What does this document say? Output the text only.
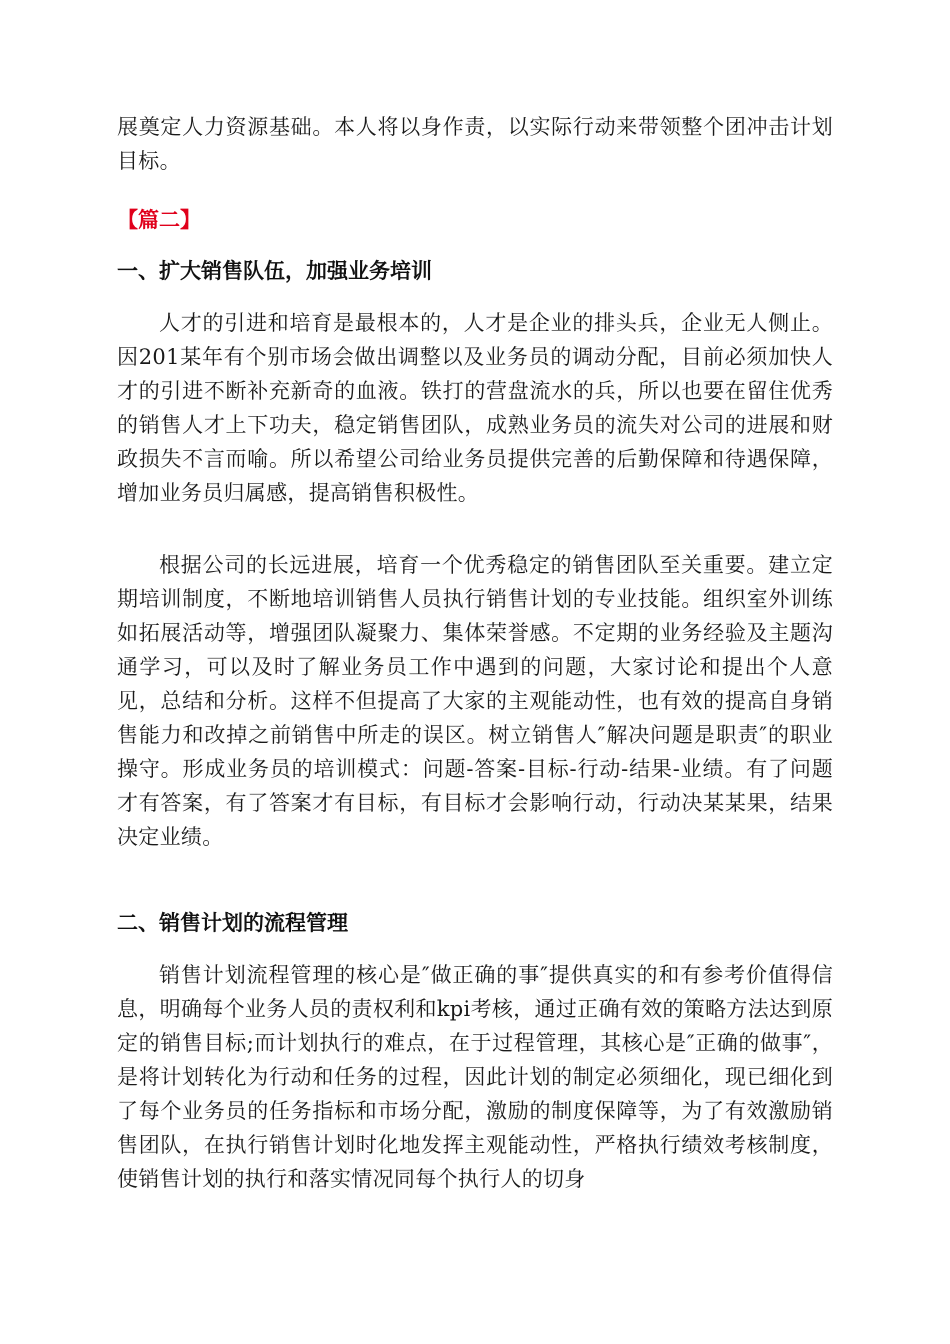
展奠定人力资源基础。本人将以身作责，以实际行动来带领整个团冲击计划目标。

【篇二】

一、扩大销售队伍，加强业务培训

人才的引进和培育是最根本的，人才是企业的排头兵，企业无人侧止。因201某年有个别市场会做出调整以及业务员的调动分配，目前必须加快人才的引进不断补充新奇的血液。铁打的营盘流水的兵，所以也要在留住优秀的销售人才上下功夫，稳定销售团队，成熟业务员的流失对公司的进展和财政损失不言而喻。所以希望公司给业务员提供完善的后勤保障和待遇保障，增加业务员归属感，提高销售积极性。

根据公司的长远进展，培育一个优秀稳定的销售团队至关重要。建立定期培训制度，不断地培训销售人员执行销售计划的专业技能。组织室外训练如拓展活动等，增强团队凝聚力、集体荣誉感。不定期的业务经验及主题沟通学习，可以及时了解业务员工作中遇到的问题，大家讨论和提出个人意见，总结和分析。这样不但提高了大家的主观能动性，也有效的提高自身销售能力和改掉之前销售中所走的误区。树立销售人″解决问题是职责″的职业操守。形成业务员的培训模式：问题-答案-目标-行动-结果-业绩。有了问题才有答案，有了答案才有目标，有目标才会影响行动，行动决某某果，结果决定业绩。

二、销售计划的流程管理

销售计划流程管理的核心是″做正确的事″提供真实的和有参考价值得信息，明确每个业务人员的责权利和kpi考核，通过正确有效的策略方法达到原定的销售目标;而计划执行的难点，在于过程管理，其核心是″正确的做事″，是将计划转化为行动和任务的过程，因此计划的制定必须细化，现已细化到了每个业务员的任务指标和市场分配，激励的制度保障等，为了有效激励销售团队，在执行销售计划时化地发挥主观能动性，严格执行绩效考核制度，使销售计划的执行和落实情况同每个执行人的切身
